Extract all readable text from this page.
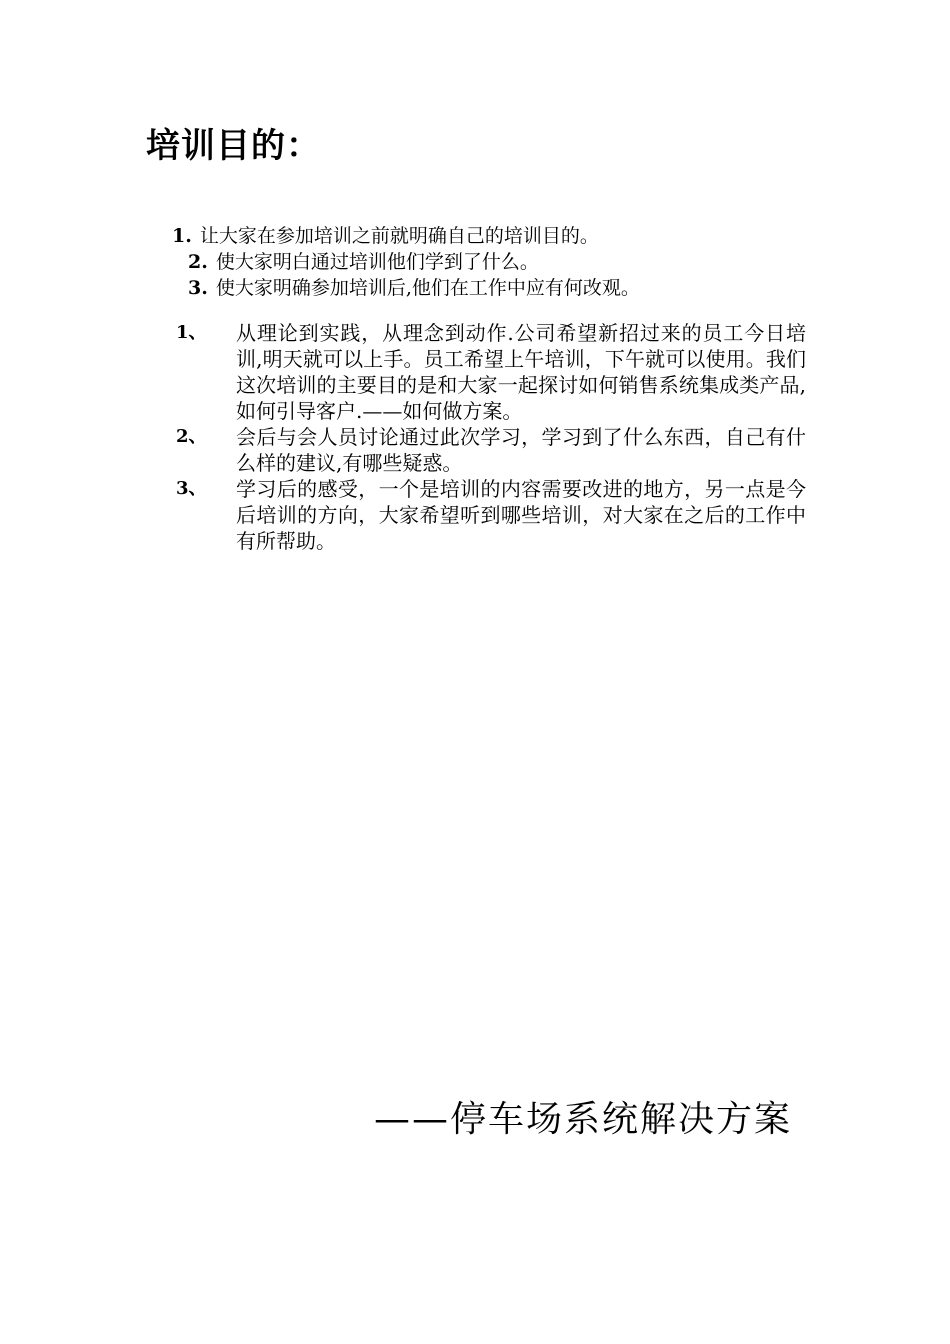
培训目的：
1. 让大家在参加培训之前就明确自己的培训目的。
2. 使大家明白通过培训他们学到了什么。
3. 使大家明确参加培训后,他们在工作中应有何改观。
1、	从理论到实践，从理念到动作.公司希望新招过来的员工今日培训,明天就可以上手。员工希望上午培训，下午就可以使用。我们这次培训的主要目的是和大家一起探讨如何销售系统集成类产品,如何引导客户.——如何做方案。
2、	会后与会人员讨论通过此次学习，学习到了什么东西，自己有什么样的建议,有哪些疑惑。
3、	学习后的感受，一个是培训的内容需要改进的地方，另一点是今后培训的方向，大家希望听到哪些培训，对大家在之后的工作中有所帮助。
——停车场系统解决方案
